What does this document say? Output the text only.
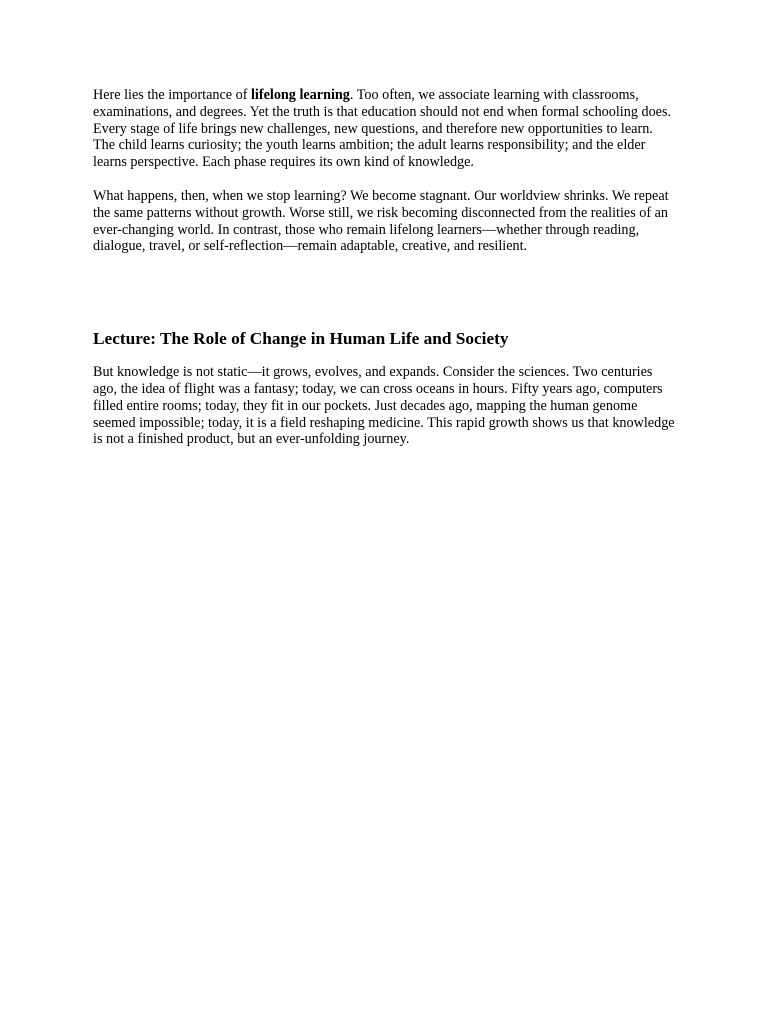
Here lies the importance of lifelong learning. Too often, we associate learning with classrooms, examinations, and degrees. Yet the truth is that education should not end when formal schooling does. Every stage of life brings new challenges, new questions, and therefore new opportunities to learn. The child learns curiosity; the youth learns ambition; the adult learns responsibility; and the elder learns perspective. Each phase requires its own kind of knowledge.

What happens, then, when we stop learning? We become stagnant. Our worldview shrinks. We repeat the same patterns without growth. Worse still, we risk becoming disconnected from the realities of an ever-changing world. In contrast, those who remain lifelong learners—whether through reading, dialogue, travel, or self-reflection—remain adaptable, creative, and resilient.

Lecture: The Role of Change in Human Life and Society

But knowledge is not static—it grows, evolves, and expands. Consider the sciences. Two centuries ago, the idea of flight was a fantasy; today, we can cross oceans in hours. Fifty years ago, computers filled entire rooms; today, they fit in our pockets. Just decades ago, mapping the human genome seemed impossible; today, it is a field reshaping medicine. This rapid growth shows us that knowledge is not a finished product, but an ever-unfolding journey.
